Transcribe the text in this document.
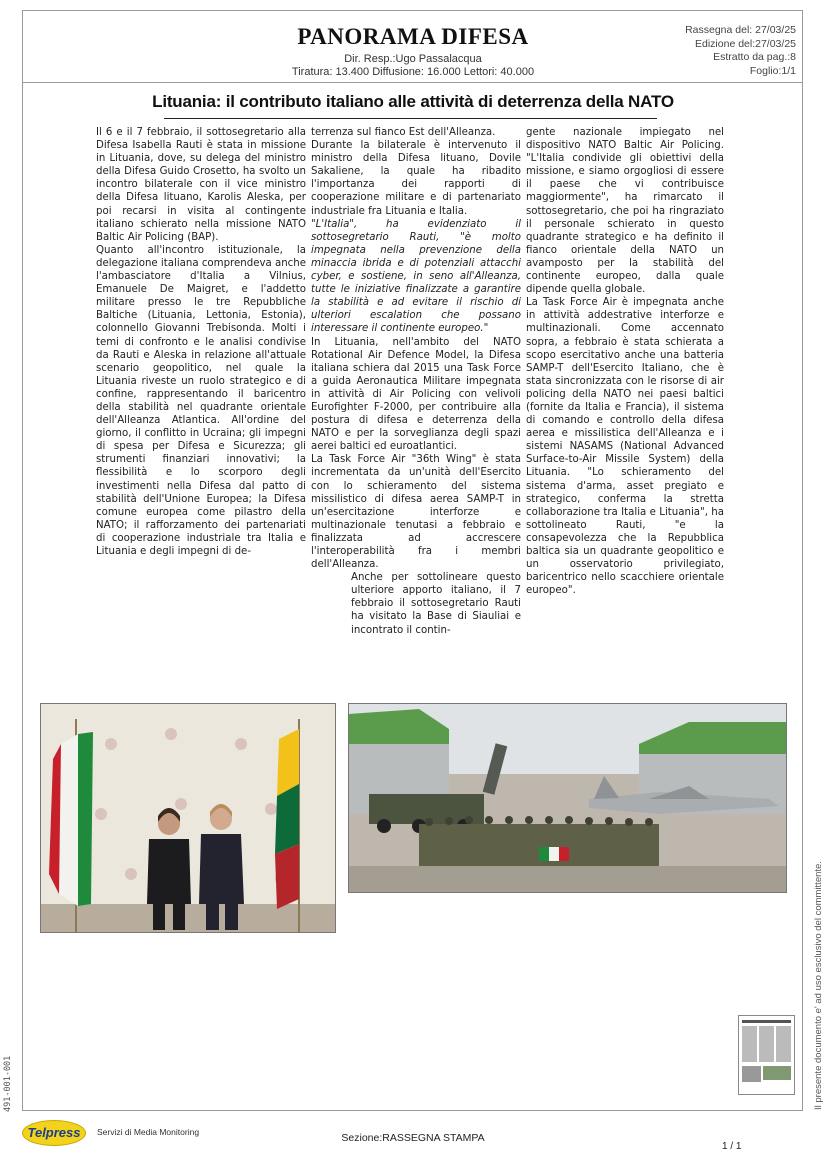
PANORAMA DIFESA
Dir. Resp.:Ugo Passalacqua
Tiratura: 13.400 Diffusione: 16.000 Lettori: 40.000
Rassegna del: 27/03/25
Edizione del:27/03/25
Estratto da pag.:8
Foglio:1/1
Lituania: il contributo italiano alle attività di deterrenza della NATO

Il 6 e il 7 febbraio, il sottosegretario alla Difesa Isabella Rauti è stata in missione in Lituania, dove, su delega del ministro della Difesa Guido Crosetto, ha svolto un incontro bilaterale con il vice ministro della Difesa lituano, Karolis Aleska, per poi recarsi in visita al contingente italiano schierato nella missione NATO Baltic Air Policing (BAP).

Quanto all'incontro istituzionale, la delegazione italiana comprendeva anche l'ambasciatore d'Italia a Vilnius, Emanuele De Maigret, e l'addetto militare presso le tre Repubbliche Baltiche (Lituania, Lettonia, Estonia), colonnello Giovanni Trebisonda. Molti i temi di confronto e le analisi condivise da Rauti e Aleska in relazione all'attuale scenario geopolitico, nel quale la Lituania riveste un ruolo strategico e di confine, rappresentando il baricentro della stabilità nel quadrante orientale dell'Alleanza Atlantica. All'ordine del giorno, il conflitto in Ucraina; gli impegni di spesa per Difesa e Sicurezza; gli strumenti finanziari innovativi; la flessibilità e lo scorporo degli investimenti nella Difesa dal patto di stabilità dell'Unione Europea; la Difesa comune europea come pilastro della NATO; il rafforzamento dei partenariati di cooperazione industriale tra Italia e Lituania e degli impegni di de-

terrenza sul fianco Est dell'Alleanza.

Durante la bilaterale è intervenuto il ministro della Difesa lituano, Dovile Sakaliene, la quale ha ribadito l'importanza dei rapporti di cooperazione militare e di partenariato industriale fra Lituania e Italia.

"L'Italia", ha evidenziato il sottosegretario Rauti, "è molto impegnata nella prevenzione della minaccia ibrida e di potenziali attacchi cyber, e sostiene, in seno all'Alleanza, tutte le iniziative finalizzate a garantire la stabilità e ad evitare il rischio di ulteriori escalation che possano interessare il continente europeo."

In Lituania, nell'ambito del NATO Rotational Air Defence Model, la Difesa italiana schiera dal 2015 una Task Force a guida Aeronautica Militare impegnata in attività di Air Policing con velivoli Eurofighter F-2000, per contribuire alla postura di difesa e deterrenza della NATO e per la sorveglianza degli spazi aerei baltici ed euroatlantici.

La Task Force Air "36th Wing" è stata incrementata da un'unità dell'Esercito con lo schieramento del sistema missilistico di difesa aerea SAMP-T in un'esercitazione interforze e multinazionale tenutasi a febbraio e finalizzata ad accrescere l'interoperabilità fra i membri dell'Alleanza.

Anche per sottolineare questo ulteriore apporto italiano, il 7 febbraio il sottosegretario Rauti ha visitato la Base di Siauliai e incontrato il contin-

gente nazionale impiegato nel dispositivo NATO Baltic Air Policing. "L'Italia condivide gli obiettivi della missione, e siamo orgogliosi di essere il paese che vi contribuisce maggiormente", ha rimarcato il sottosegretario, che poi ha ringraziato il personale schierato in questo quadrante strategico e ha definito il fianco orientale della NATO un avamposto per la stabilità del continente europeo, dalla quale dipende quella globale.

La Task Force Air è impegnata anche in attività addestrative interforze e multinazionali. Come accennato sopra, a febbraio è stata schierata a scopo esercitativo anche una batteria SAMP-T dell'Esercito Italiano, che è stata sincronizzata con le risorse di air policing della NATO nei paesi baltici (fornite da Italia e Francia), il sistema di comando e controllo della difesa aerea e missilistica dell'Alleanza e i sistemi NASAMS (National Advanced Surface-to-Air Missile System) della Lituania. "Lo schieramento del sistema d'arma, asset pregiato e strategico, conferma la stretta collaborazione tra Italia e Lituania", ha sottolineato Rauti, "e la consapevolezza che la Repubblica baltica sia un quadrante geopolitico e un osservatorio privilegiato, baricentrico nello scacchiere orientale europeo".

Il presente documento e' ad uso esclusivo del committente.
491-001-001
Telpress	Servizi di Media Monitoring	Sezione:RASSEGNA STAMPA
1 / 1
